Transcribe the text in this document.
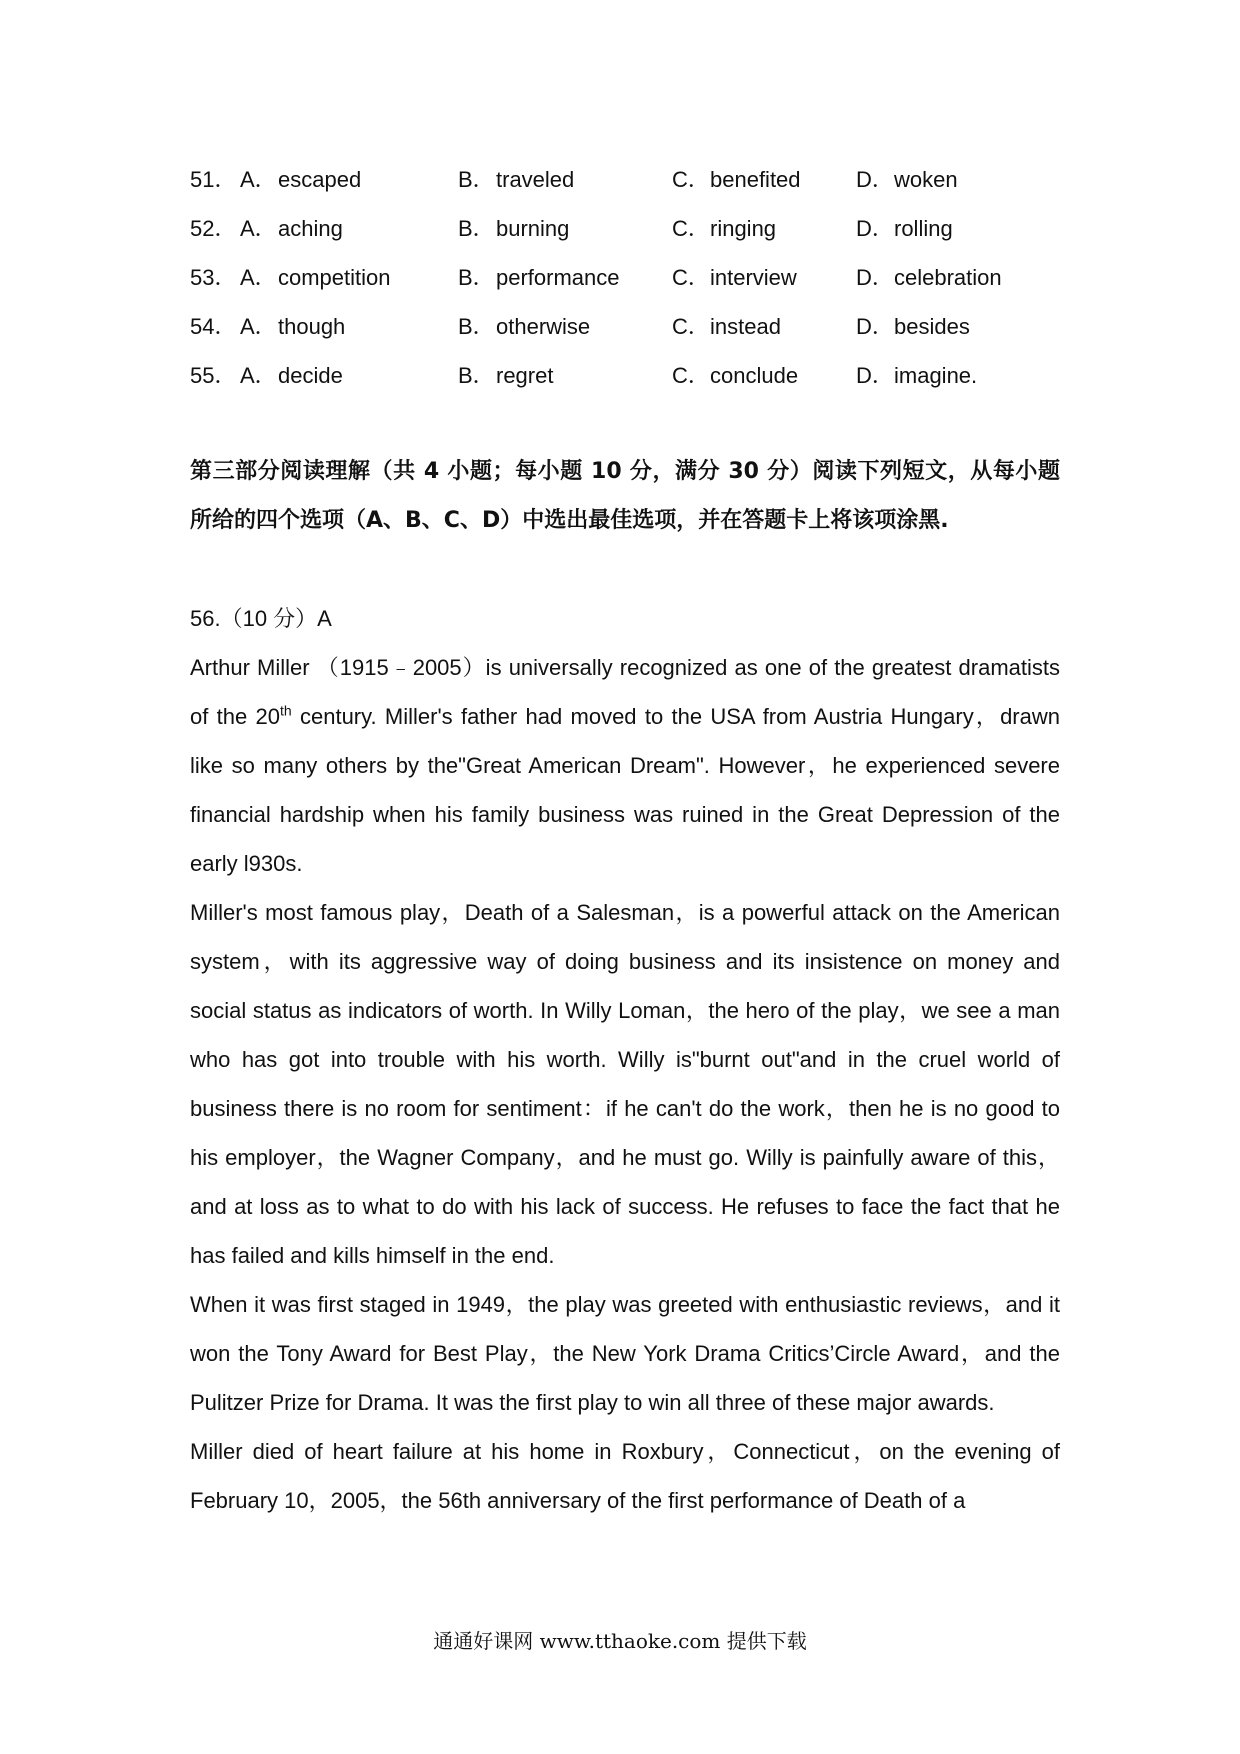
51． A．escaped	B．traveled	C．benefited	D．woken
52． A．aching	B．burning	C．ringing	D．rolling
53． A．competition	B．performance C．interview	D．celebration
54． A．though	B．otherwise	C．instead	D．besides
55． A．decide	B．regret	C．conclude	D．imagine.
第三部分阅读理解（共 4 小题；每小题 10 分，满分 30 分）阅读下列短文，从每小题所给的四个选项（A、B、C、D）中选出最佳选项，并在答题卡上将该项涂黑.
56.（10 分）A

Arthur Miller （1915﹣2005）is universally recognized as one of the greatest dramatists of the 20th century. Miller's father had moved to the USA from Austria Hungary，drawn like so many others by the"Great American Dream". However，he experienced severe financial hardship when his family business was ruined in the Great Depression of the early l930s.

Miller's most famous play，Death of a Salesman，is a powerful attack on the American system，with its aggressive way of doing business and its insistence on money and social status as indicators of worth. In Willy Loman，the hero of the play，we see a man who has got into trouble with his worth. Willy is"burnt out"and in the cruel world of business there is no room for sentiment：if he can't do the work，then he is no good to his employer，the Wagner Company，and he must go. Willy is painfully aware of this，and at loss as to what to do with his lack of success. He refuses to face the fact that he has failed and kills himself in the end.

When it was first staged in 1949，the play was greeted with enthusiastic reviews，and it won the Tony Award for Best Play，the New York Drama Critics’Circle Award，and the Pulitzer Prize for Drama. It was the first play to win all three of these major awards.

Miller died of heart failure at his home in Roxbury，Connecticut，on the evening of February 10，2005，the 56th anniversary of the first performance of Death of a

通通好课网 www.tthaoke.com 提供下载
